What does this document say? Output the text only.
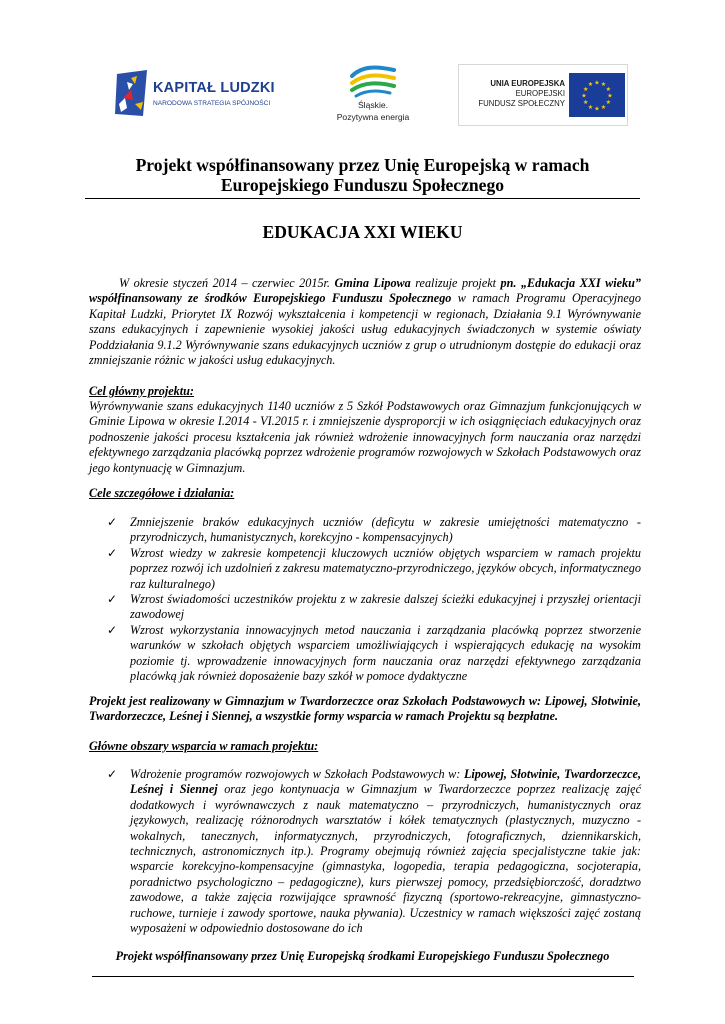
KAPITAŁ LUDZKI
NARODOWA STRATEGIA SPÓJNOŚCI	Śląskie.
Pozytywna energia
UNIA EUROPEJSKA
EUROPEJSKI
FUNDUSZ SPOŁECZNY
★ ★
★
★
★
★
★
★
★
★
★
★
Projekt współfinansowany przez Unię Europejską w ramach
Europejskiego Funduszu Społecznego
EDUKACJA XXI WIEKU
W okresie styczeń 2014 – czerwiec 2015r. Gmina Lipowa realizuje projekt pn. „Edukacja XXI wieku” współfinansowany ze środków Europejskiego Funduszu Społecznego w ramach Programu Operacyjnego Kapitał Ludzki, Priorytet IX Rozwój wykształcenia i kompetencji w regionach, Działania 9.1 Wyrównywanie szans edukacyjnych i zapewnienie wysokiej jakości usług edukacyjnych świadczonych w systemie oświaty Poddziałania 9.1.2 Wyrównywanie szans edukacyjnych uczniów z grup o utrudnionym dostępie do edukacji oraz zmniejszanie różnic w jakości usług edukacyjnych.
Cel główny projektu:
Wyrównywanie szans edukacyjnych 1140 uczniów z 5 Szkół Podstawowych oraz Gimnazjum funkcjonujących w Gminie Lipowa w okresie I.2014 - VI.2015 r. i zmniejszenie dysproporcji w ich osiągnięciach edukacyjnych oraz podnoszenie jakości procesu kształcenia jak również wdrożenie innowacyjnych form nauczania oraz narzędzi efektywnego zarządzania placówką poprzez wdrożenie programów rozwojowych w Szkołach Podstawowych oraz jego kontynuację w Gimnazjum.
Cele szczegółowe i działania:
✓ Zmniejszenie braków edukacyjnych uczniów (deficytu w zakresie umiejętności matematyczno - przyrodniczych, humanistycznych, korekcyjno - kompensacyjnych)
✓ Wzrost wiedzy w zakresie kompetencji kluczowych uczniów objętych wsparciem w ramach projektu poprzez rozwój ich uzdolnień z zakresu matematyczno-przyrodniczego, języków obcych, informatycznego raz kulturalnego)
✓ Wzrost świadomości uczestników projektu z w zakresie dalszej ścieżki edukacyjnej i przyszłej orientacji zawodowej
✓ Wzrost wykorzystania innowacyjnych metod nauczania i zarządzania placówką poprzez stworzenie warunków w szkołach objętych wsparciem umożliwiających i wspierających edukację na wysokim poziomie tj. wprowadzenie innowacyjnych form nauczania oraz narzędzi efektywnego zarządzania placówką jak również doposażenie bazy szkół w pomoce dydaktyczne
Projekt jest realizowany w Gimnazjum w Twardorzeczce oraz Szkołach Podstawowych w: Lipowej, Słotwinie, Twardorzeczce, Leśnej i Siennej, a wszystkie formy wsparcia w ramach Projektu są bezpłatne.
Główne obszary wsparcia w ramach projektu:
✓ Wdrożenie programów rozwojowych w Szkołach Podstawowych w: Lipowej, Słotwinie, Twardorzeczce, Leśnej i Siennej oraz jego kontynuacja w Gimnazjum w Twardorzeczce poprzez realizację zajęć dodatkowych i wyrównawczych z nauk matematyczno – przyrodniczych, humanistycznych oraz językowych, realizację różnorodnych warsztatów i kółek tematycznych (plastycznych, muzyczno - wokalnych, tanecznych, informatycznych, przyrodniczych, fotograficznych, dziennikarskich, technicznych, astronomicznych itp.). Programy obejmują również zajęcia specjalistyczne takie jak: wsparcie korekcyjno-kompensacyjne (gimnastyka, logopedia, terapia pedagogiczna, socjoterapia, poradnictwo psychologiczno – pedagogiczne), kurs pierwszej pomocy, przedsiębiorczość, doradztwo zawodowe, a także zajęcia rozwijające sprawność fizyczną (sportowo-rekreacyjne, gimnastyczno-ruchowe, turnieje i zawody sportowe, nauka pływania). Uczestnicy w ramach większości zajęć zostaną wyposażeni w odpowiednio dostosowane do ich
Projekt współfinansowany przez Unię Europejską środkami Europejskiego Funduszu Społecznego
